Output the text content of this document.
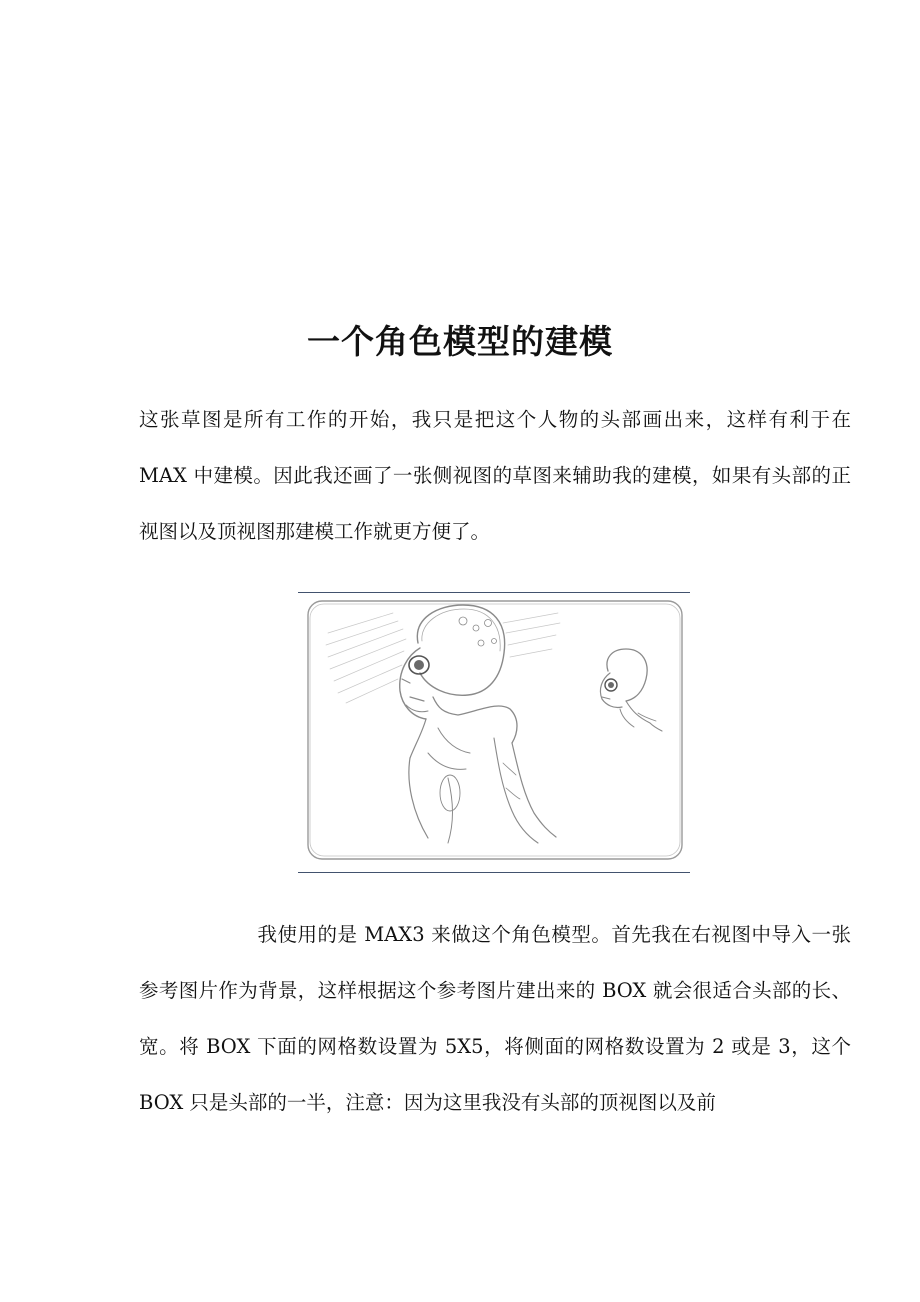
一个角色模型的建模

这张草图是所有工作的开始，我只是把这个人物的头部画出来，这样有利于在 MAX 中建模。因此我还画了一张侧视图的草图来辅助我的建模，如果有头部的正视图以及顶视图那建模工作就更方便了。

我使用的是 MAX3 来做这个角色模型。首先我在右视图中导入一张参考图片作为背景，这样根据这个参考图片建出来的 BOX 就会很适合头部的长、宽。将 BOX 下面的网格数设置为 5X5，将侧面的网格数设置为 2 或是 3，这个 BOX 只是头部的一半，注意：因为这里我没有头部的顶视图以及前
